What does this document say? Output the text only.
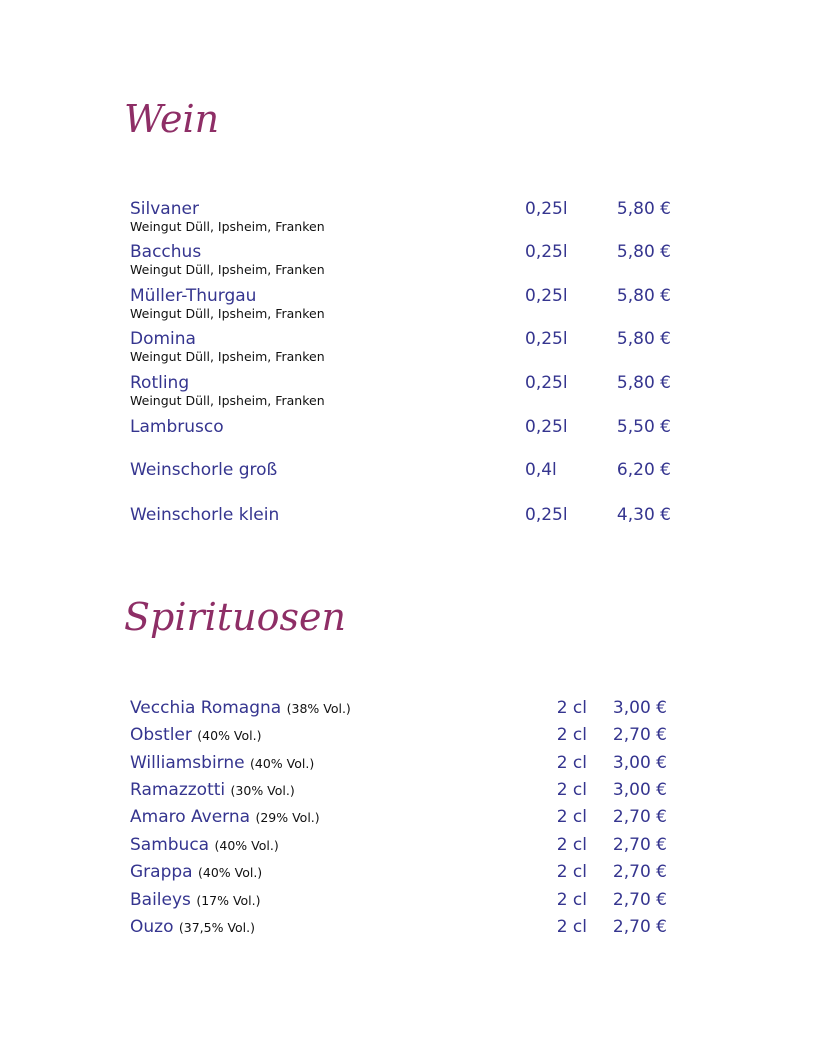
Wein
Silvaner
Weingut Düll, Ipsheim, Franken
0,25l	5,80 €
Bacchus
Weingut Düll, Ipsheim, Franken
0,25l	5,80 €
Müller-Thurgau
Weingut Düll, Ipsheim, Franken
0,25l	5,80 €
Domina
Weingut Düll, Ipsheim, Franken
0,25l	5,80 €
Rotling
Weingut Düll, Ipsheim, Franken
0,25l	5,80 €
Lambrusco	0,25l	5,50 €
Weinschorle groß	0,4l	6,20 €
Weinschorle klein	0,25l	4,30 €
Spirituosen
Vecchia Romagna (38% Vol.)	2 cl	3,00 €
Obstler (40% Vol.)	2 cl	2,70 €
Williamsbirne (40% Vol.)	2 cl	3,00 €
Ramazzotti (30% Vol.)	2 cl	3,00 €
Amaro Averna (29% Vol.)	2 cl	2,70 €
Sambuca (40% Vol.)	2 cl	2,70 €
Grappa (40% Vol.)	2 cl	2,70 €
Baileys (17% Vol.)	2 cl	2,70 €
Ouzo (37,5% Vol.)	2 cl	2,70 €
